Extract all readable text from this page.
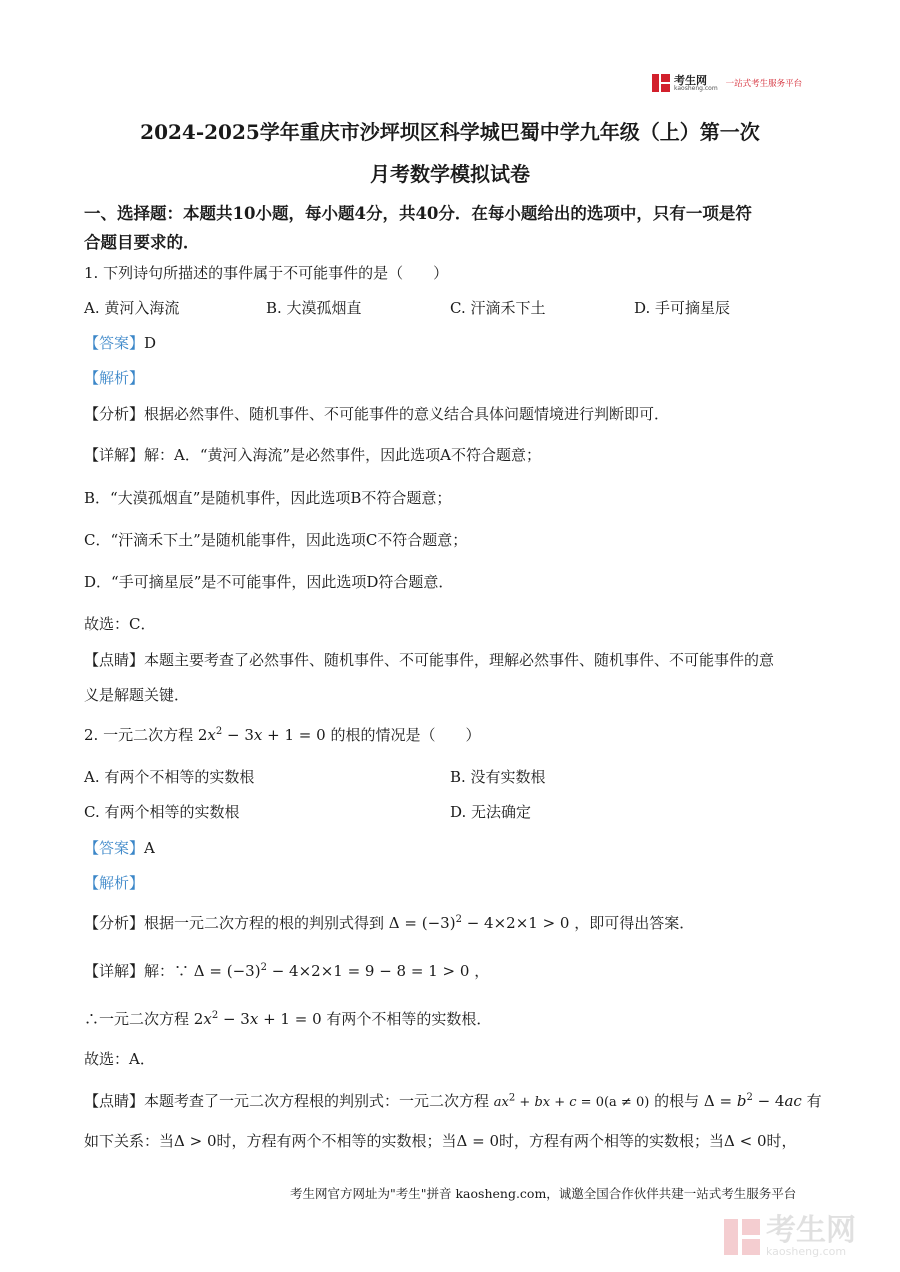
考生网
kaosheng.com 一站式考生服务平台
2024-2025学年重庆市沙坪坝区科学城巴蜀中学九年级（上）第一次
月考数学模拟试卷
一、选择题：本题共10小题，每小题4分，共40分．在每小题给出的选项中，只有一项是符
合题目要求的．
1. 下列诗句所描述的事件属于不可能事件的是（　　）
A. 黄河入海流	B. 大漠孤烟直	C. 汗滴禾下土	D. 手可摘星辰
【答案】D
【解析】
【分析】根据必然事件、随机事件、不可能事件的意义结合具体问题情境进行判断即可．
【详解】解：A．“黄河入海流”是必然事件，因此选项A不符合题意；
B．“大漠孤烟直”是随机事件，因此选项B不符合题意；
C．“汗滴禾下土”是随机能事件，因此选项C不符合题意；
D．“手可摘星辰”是不可能事件，因此选项D符合题意．
故选：C．
【点睛】本题主要考查了必然事件、随机事件、不可能事件，理解必然事件、随机事件、不可能事件的意
义是解题关键．
2. 一元二次方程 $2x^2 - 3x + 1 = 0$ 的根的情况是（　　）
A. 有两个不相等的实数根	B. 没有实数根
C. 有两个相等的实数根	D. 无法确定
【答案】A
【解析】
【分析】根据一元二次方程的根的判别式得到 $\Delta = (-3)^2 - 4\times 2\times 1 > 0$ ，即可得出答案．
【详解】解：∵ $\Delta = (-3)^2 - 4\times 2\times 1 = 9 - 8 = 1 > 0$ ，
∴一元二次方程 $2x^2 - 3x + 1 = 0$ 有两个不相等的实数根．
故选：A．
【点睛】本题考查了一元二次方程根的判别式：一元二次方程 $ax^2$ + bx + c = 0(a ≠ 0) 的根与 $\Delta = b^2 - 4ac$ 有
如下关系：当Δ > 0时，方程有两个不相等的实数根；当Δ = 0时，方程有两个相等的实数根；当Δ < 0时，
考生网官方网址为"考生"拼音 kaosheng.com，诚邀全国合作伙伴共建一站式考生服务平台
考生网
kaosheng.com
